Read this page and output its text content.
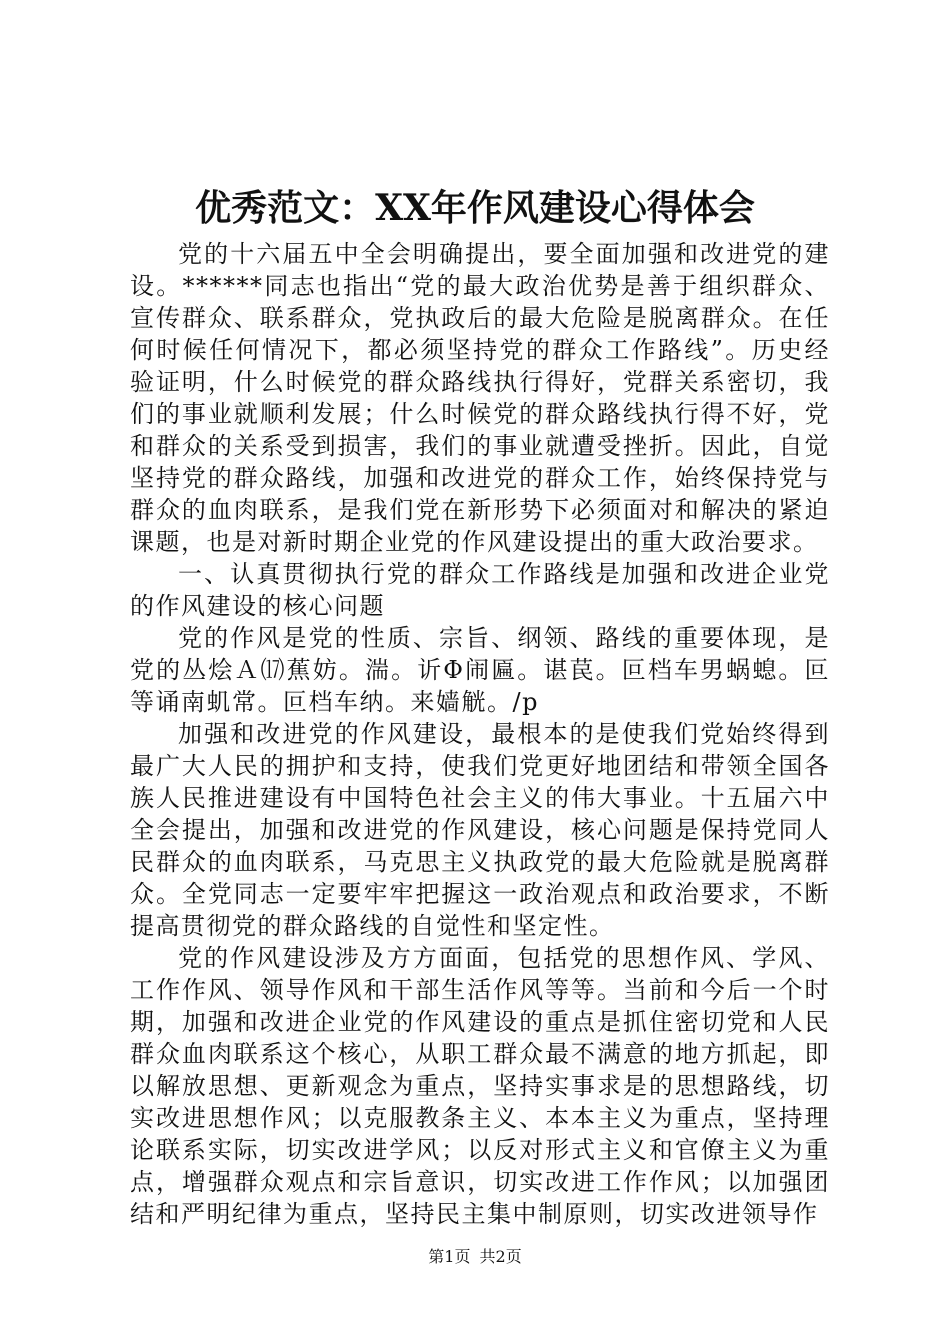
优秀范文：XX年作风建设心得体会

党的十六届五中全会明确提出，要全面加强和改进党的建设。******同志也指出“党的最大政治优势是善于组织群众、宣传群众、联系群众，党执政后的最大危险是脱离群众。在任何时候任何情况下，都必须坚持党的群众工作路线”。历史经验证明，什么时候党的群众路线执行得好，党群关系密切，我们的事业就顺利发展；什么时候党的群众路线执行得不好，党和群众的关系受到损害，我们的事业就遭受挫折。因此，自觉坚持党的群众路线，加强和改进党的群众工作，始终保持党与群众的血肉联系，是我们党在新形势下必须面对和解决的紧迫课题，也是对新时期企业党的作风建设提出的重大政治要求。

一、认真贯彻执行党的群众工作路线是加强和改进企业党的作风建设的核心问题

党的作风是党的性质、宗旨、纲领、路线的重要体现，是党的丛烩Ａ⒄蕉妨。湍。䜣Φ闹匾。谌苠。叵档车男蜗螅。叵等诵南虮常。叵档车纳。来嫱觥。/p

加强和改进党的作风建设，最根本的是使我们党始终得到最广大人民的拥护和支持，使我们党更好地团结和带领全国各族人民推进建设有中国特色社会主义的伟大事业。十五届六中全会提出，加强和改进党的作风建设，核心问题是保持党同人民群众的血肉联系，马克思主义执政党的最大危险就是脱离群众。全党同志一定要牢牢把握这一政治观点和政治要求，不断提高贯彻党的群众路线的自觉性和坚定性。

党的作风建设涉及方方面面，包括党的思想作风、学风、工作作风、领导作风和干部生活作风等等。当前和今后一个时期，加强和改进企业党的作风建设的重点是抓住密切党和人民群众血肉联系这个核心，从职工群众最不满意的地方抓起，即以解放思想、更新观念为重点，坚持实事求是的思想路线，切实改进思想作风；以克服教条主义、本本主义为重点，坚持理论联系实际，切实改进学风；以反对形式主义和官僚主义为重点，增强群众观点和宗旨意识，切实改进工作作风；以加强团结和严明纪律为重点，坚持民主集中制原则，切实改进领导作

第1页 共2页
